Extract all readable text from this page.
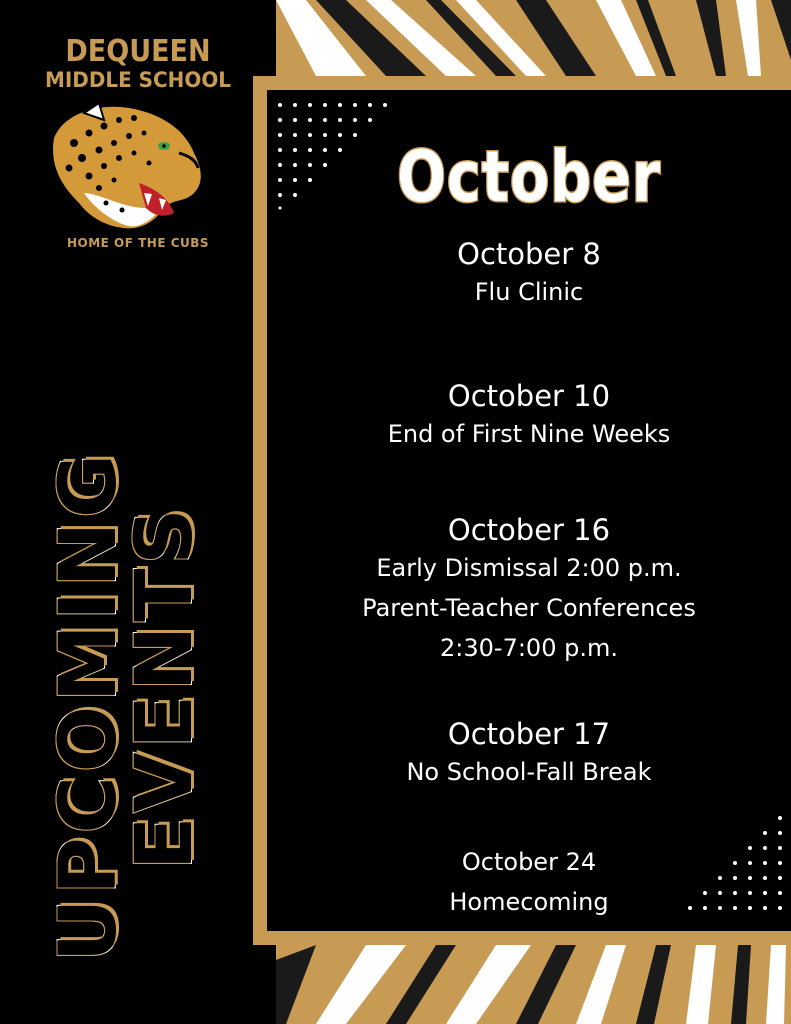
DEQUEEN
MIDDLE SCHOOL
HOME OF THE CUBS
UPCOMING
EVENTS
October
October 8
Flu Clinic
October 10
End of First Nine Weeks
October 16
Early Dismissal 2:00 p.m.
Parent-Teacher Conferences
2:30-7:00 p.m.
October 17
No School-Fall Break
October 24
Homecoming
